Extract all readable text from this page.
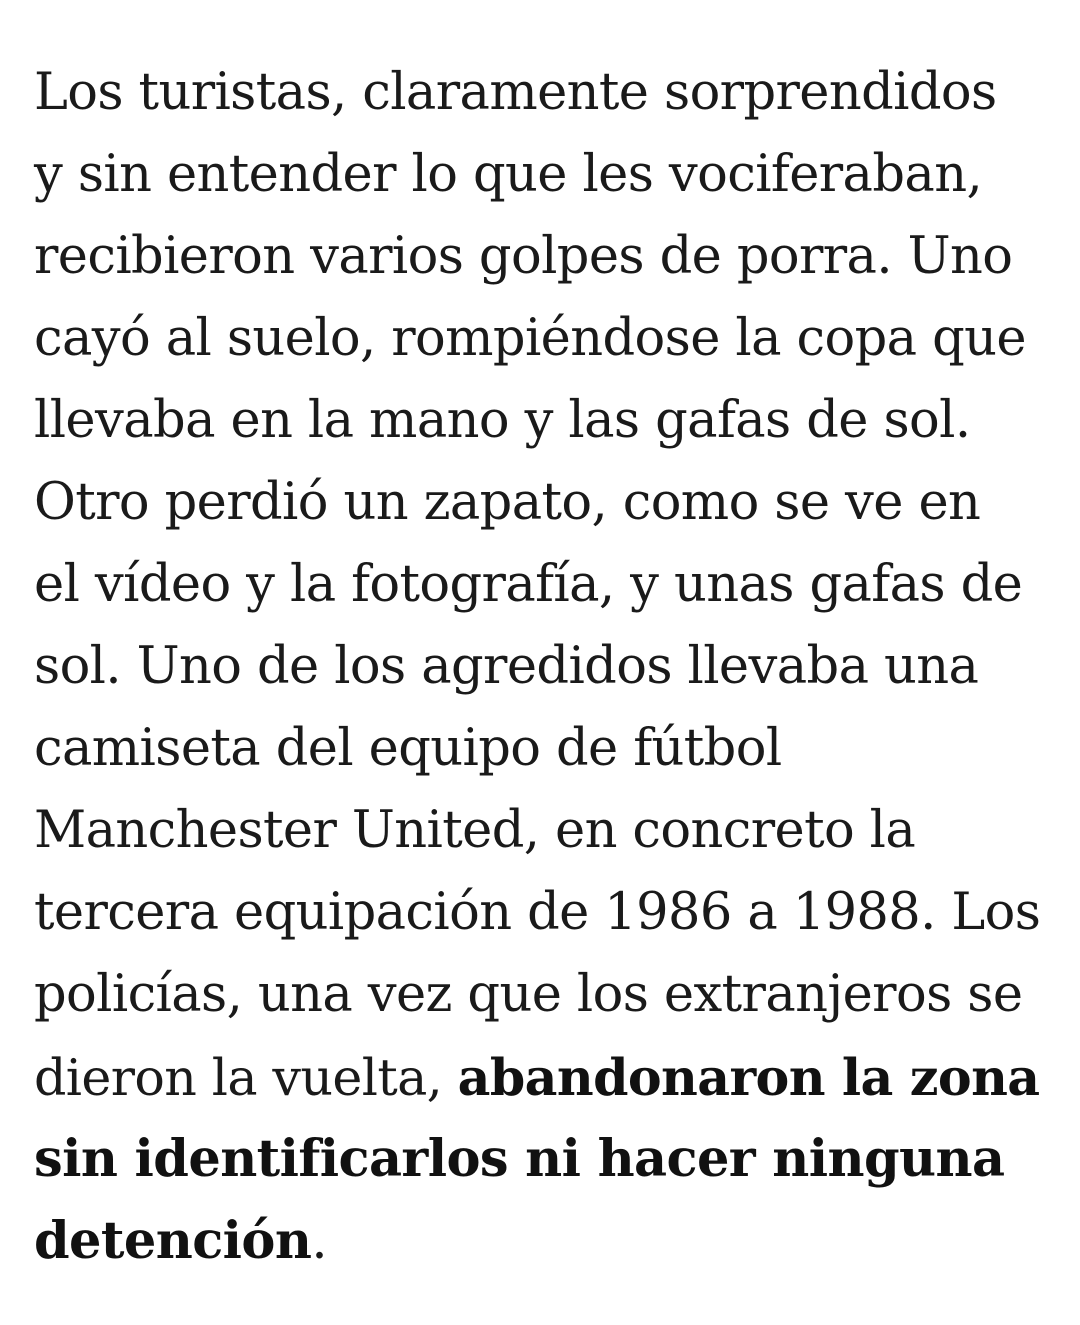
Los turistas, claramente sorprendidos
y sin entender lo que les vociferaban,
recibieron varios golpes de porra. Uno
cayó al suelo, rompiéndose la copa que
llevaba en la mano y las gafas de sol.
Otro perdió un zapato, como se ve en
el vídeo y la fotografía, y unas gafas de
sol. Uno de los agredidos llevaba una
camiseta del equipo de fútbol
Manchester United, en concreto la
tercera equipación de 1986 a 1988. Los
policías, una vez que los extranjeros se
dieron la vuelta, abandonaron la zona
sin identificarlos ni hacer ninguna
detención.
